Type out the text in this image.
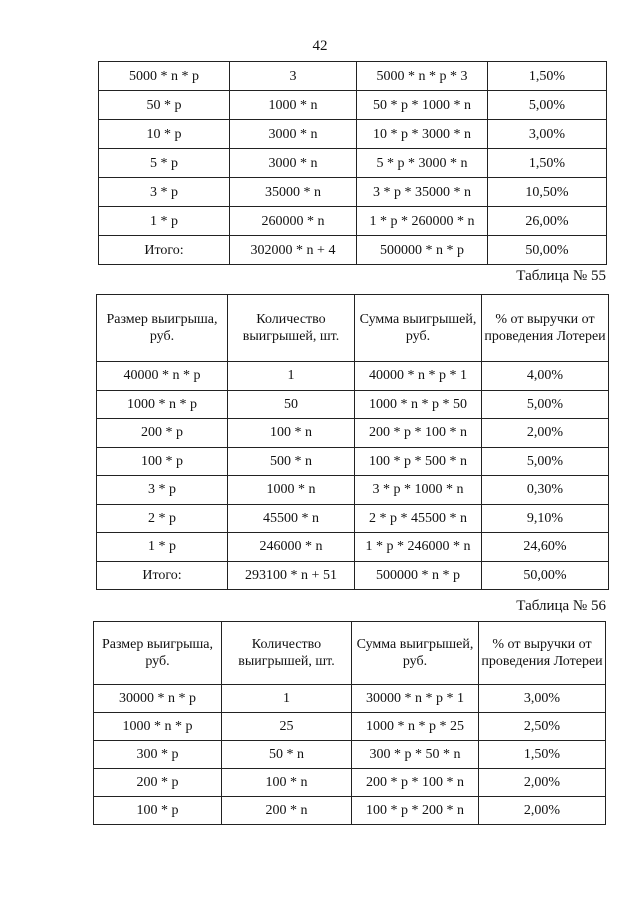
42
5000 * n * p	3	5000 * n * p * 3	1,50%
50 * p	1000 * n	50 * p * 1000 * n	5,00%
10 * p	3000 * n	10 * p * 3000 * n	3,00%
5 * p	3000 * n	5 * p * 3000 * n	1,50%
3 * p	35000 * n	3 * p * 35000 * n	10,50%
1 * p	260000 * n	1 * p * 260000 * n	26,00%
Итого:	302000 * n + 4	500000 * n * p	50,00%
Таблица № 55
Размер выигрыша, руб.	Количество выигрышей, шт.	Сумма выигрышей, руб.	% от выручки от проведения Лотереи
40000 * n * p	1	40000 * n * p * 1	4,00%
1000 * n * p	50	1000 * n * p * 50	5,00%
200 * p	100 * n	200 * p * 100 * n	2,00%
100 * p	500 * n	100 * p * 500 * n	5,00%
3 * p	1000 * n	3 * p * 1000 * n	0,30%
2 * p	45500 * n	2 * p * 45500 * n	9,10%
1 * p	246000 * n	1 * p * 246000 * n	24,60%
Итого:	293100 * n + 51	500000 * n * p	50,00%
Таблица № 56
Размер выигрыша, руб.	Количество выигрышей, шт.	Сумма выигрышей, руб.	% от выручки от проведения Лотереи
30000 * n * p	1	30000 * n * p * 1	3,00%
1000 * n * p	25	1000 * n * p * 25	2,50%
300 * p	50 * n	300 * p * 50 * n	1,50%
200 * p	100 * n	200 * p * 100 * n	2,00%
100 * p	200 * n	100 * p * 200 * n	2,00%
